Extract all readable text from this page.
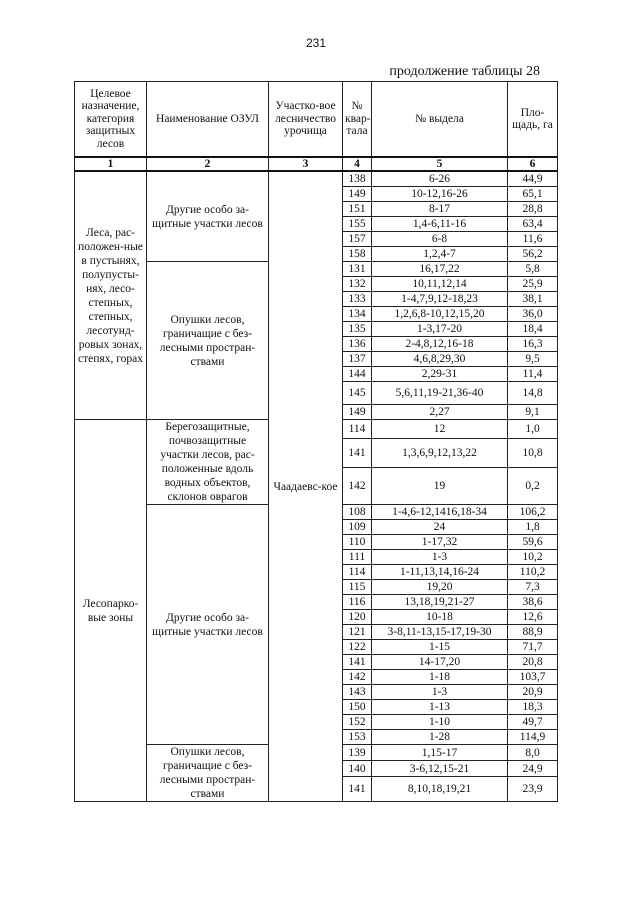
231
продолжение таблицы 28
Целевое назначение, категория защитных лесов	Наименование ОЗУЛ	Участко-вое лесничество урочища	№ квар-тала	№ выдела	Пло-щадь, га
1	2	3	4	5	6
Леса, рас-положен-ные в пустынях, полупусты-нях, лесо-степных, степных, лесотунд-ровых зонах, степях, горах	Другие особо за-щитные участки лесов	Чаадаевс-кое	138	6-26	44,9
			149	10-12,16-26	65,1
			151	8-17	28,8
			155	1,4-6,11-16	63,4
			157	6-8	11,6
			158	1,2,4-7	56,2
	Опушки лесов, граничащие с без-лесными простран-ствами		131	16,17,22	5,8
			132	10,11,12,14	25,9
			133	1-4,7,9,12-18,23	38,1
			134	1,2,6,8-10,12,15,20	36,0
			135	1-3,17-20	18,4
			136	2-4,8,12,16-18	16,3
			137	4,6,8,29,30	9,5
			144	2,29-31	11,4
			145	5,6,11,19-21,36-40	14,8
			149	2,27	9,1
Лесопарко-вые зоны	Берегозащитные, почвозащитные участки лесов, рас-положенные вдоль водных объектов, склонов оврагов		114	12	1,0
			141	1,3,6,9,12,13,22	10,8
			142	19	0,2
	Другие особо за-щитные участки лесов		108	1-4,6-12,1416,18-34	106,2
			109	24	1,8
			110	1-17,32	59,6
			111	1-3	10,2
			114	1-11,13,14,16-24	110,2
			115	19,20	7,3
			116	13,18,19,21-27	38,6
			120	10-18	12,6
			121	3-8,11-13,15-17,19-30	88,9
			122	1-15	71,7
			141	14-17,20	20,8
			142	1-18	103,7
			143	1-3	20,9
			150	1-13	18,3
			152	1-10	49,7
			153	1-28	114,9
	Опушки лесов, граничащие с без-лесными простран-ствами		139	1,15-17	8,0
			140	3-6,12,15-21	24,9
			141	8,10,18,19,21	23,9
